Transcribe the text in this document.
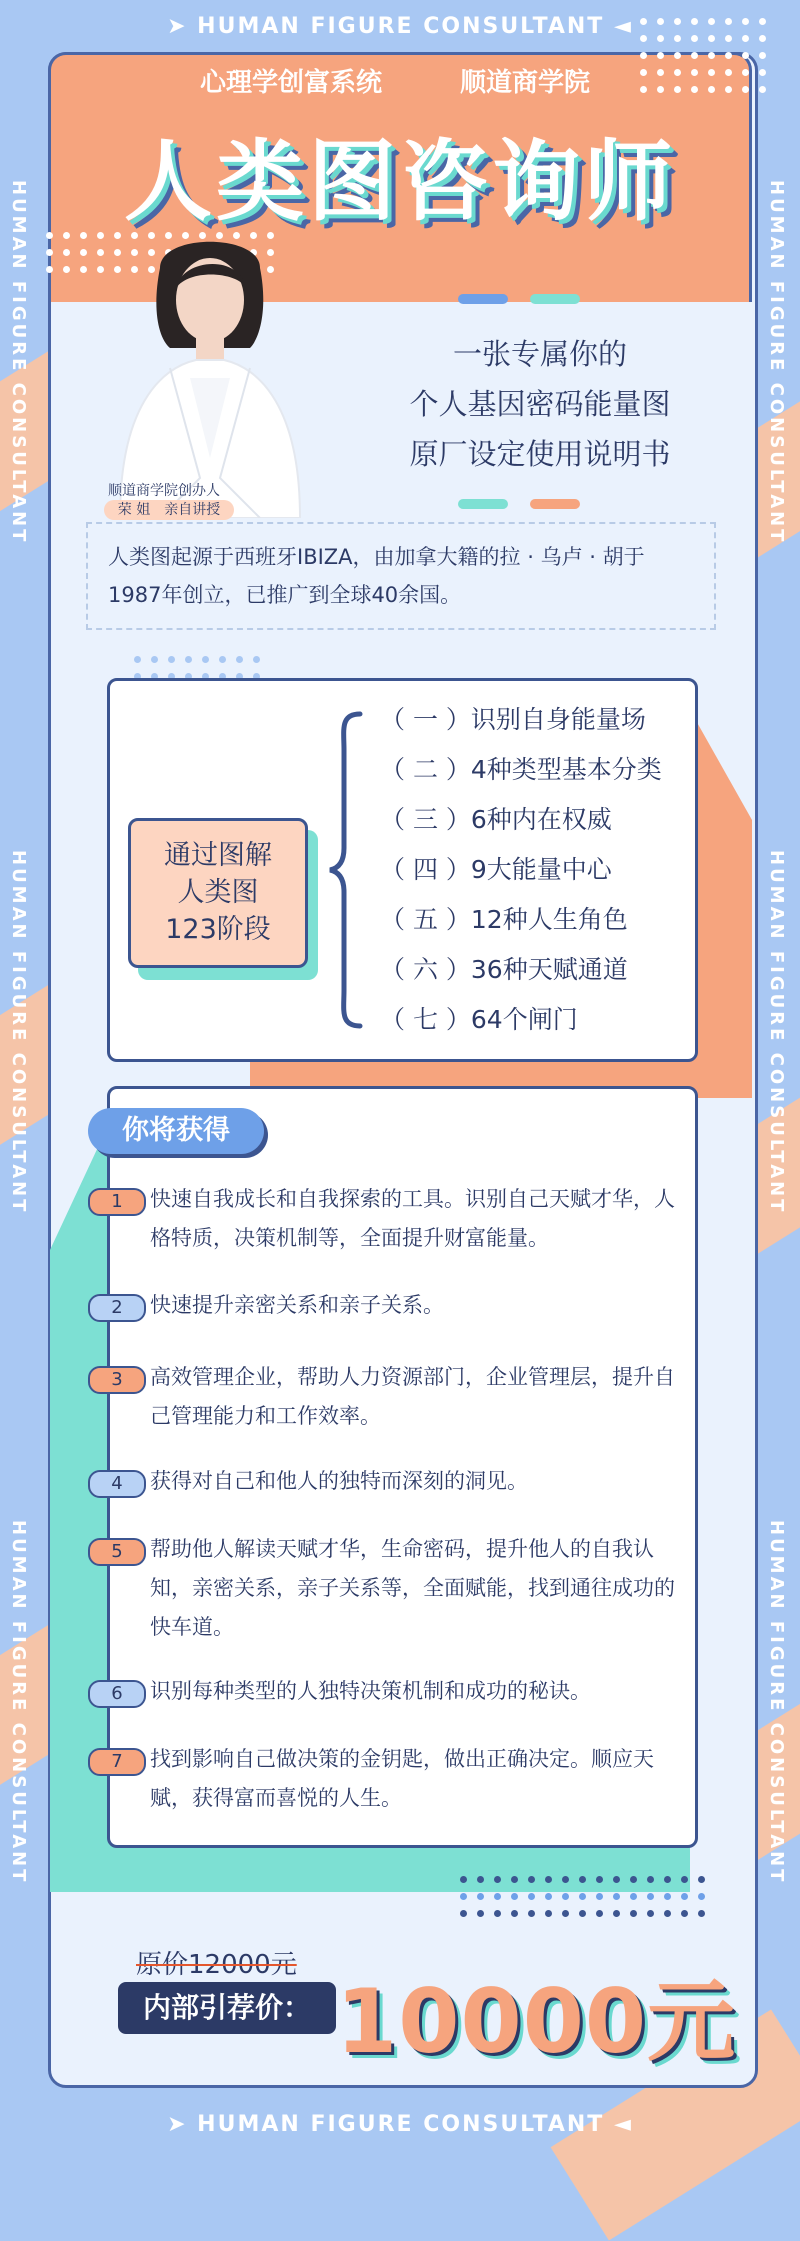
➤ HUMAN FIGURE CONSULTANT ◄
HUMAN FIGURE CONSULTANT
HUMAN FIGURE CONSULTANT
HUMAN FIGURE CONSULTANT
HUMAN FIGURE CONSULTANT
HUMAN FIGURE CONSULTANT
HUMAN FIGURE CONSULTANT
心理学创富系统	顺道商学院
人类图咨询师
顺道商学院创办人
荣 姐　亲自讲授
一张专属你的
个人基因密码能量图
原厂设定使用说明书
人类图起源于西班牙IBIZA，由加拿大籍的拉 · 乌卢 · 胡于1987年创立，已推广到全球40余国。
通过图解
人类图
123阶段
（ 一 ）识别自身能量场
（ 二 ）4种类型基本分类
（ 三 ）6种内在权威
（ 四 ）9大能量中心
（ 五 ）12种人生角色
（ 六 ）36种天赋通道
（ 七 ）64个闸门
你将获得
1	快速自我成长和自我探索的工具。识别自己天赋才华，人格特质，决策机制等，全面提升财富能量。
2	快速提升亲密关系和亲子关系。
3	高效管理企业，帮助人力资源部门，企业管理层，提升自己管理能力和工作效率。
4	获得对自己和他人的独特而深刻的洞见。
5	帮助他人解读天赋才华，生命密码，提升他人的自我认知，亲密关系，亲子关系等，全面赋能，找到通往成功的快车道。
6	识别每种类型的人独特决策机制和成功的秘诀。
7	找到影响自己做决策的金钥匙，做出正确决定。顺应天赋，获得富而喜悦的人生。
原价12000元
内部引荐价： 10000元
➤ HUMAN FIGURE CONSULTANT ◄
